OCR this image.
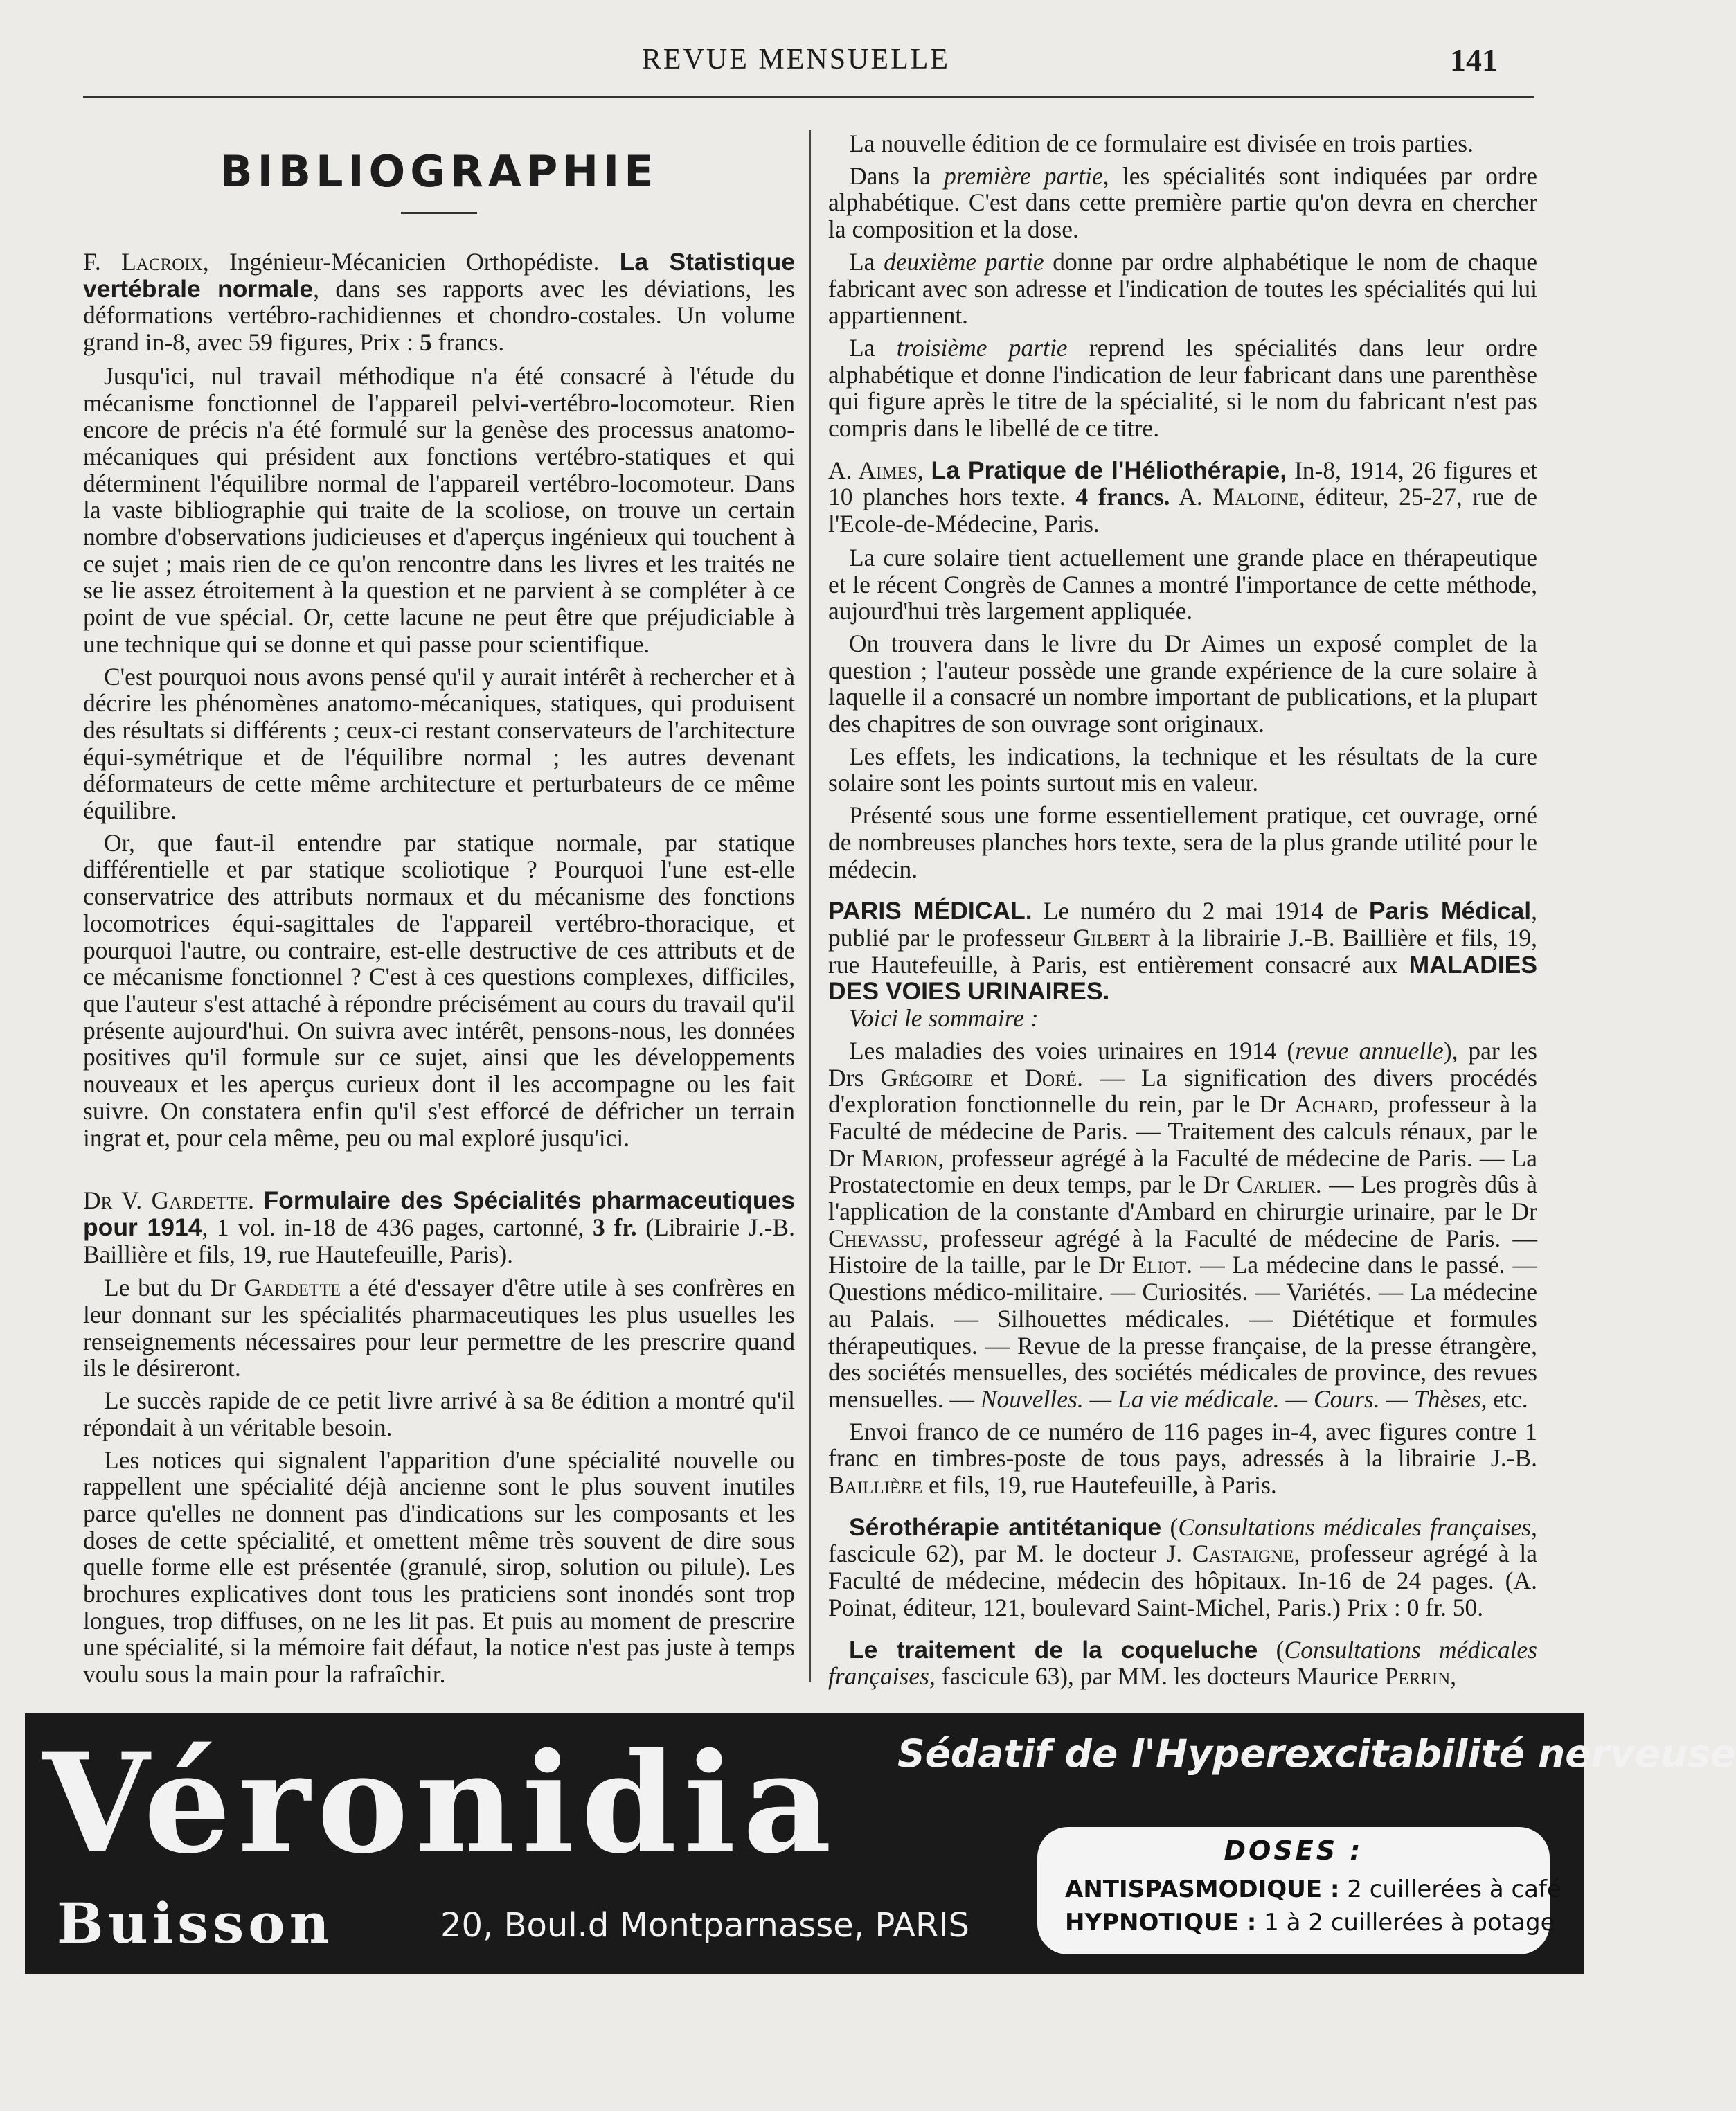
REVUE MENSUELLE	141
BIBLIOGRAPHIE

F. Lacroix, Ingénieur-Mécanicien Orthopédiste. La Statistique vertébrale normale, dans ses rapports avec les déviations, les déformations vertébro-rachidiennes et chondro-costales. Un volume grand in-8, avec 59 figures, Prix : 5 francs.

Jusqu'ici, nul travail méthodique n'a été consacré à l'étude du mécanisme fonctionnel de l'appareil pelvi-vertébro-locomoteur. Rien encore de précis n'a été formulé sur la genèse des processus anatomo-mécaniques qui président aux fonctions vertébro-statiques et qui déterminent l'équilibre normal de l'appareil vertébro-locomoteur. Dans la vaste bibliographie qui traite de la scoliose, on trouve un certain nombre d'observations judicieuses et d'aperçus ingénieux qui touchent à ce sujet ; mais rien de ce qu'on rencontre dans les livres et les traités ne se lie assez étroitement à la question et ne parvient à se compléter à ce point de vue spécial. Or, cette lacune ne peut être que préjudiciable à une technique qui se donne et qui passe pour scientifique.

C'est pourquoi nous avons pensé qu'il y aurait intérêt à rechercher et à décrire les phénomènes anatomo-mécaniques, statiques, qui produisent des résultats si différents ; ceux-ci restant conservateurs de l'architecture équi-symétrique et de l'équilibre normal ; les autres devenant déformateurs de cette même architecture et perturbateurs de ce même équilibre.

Or, que faut-il entendre par statique normale, par statique différentielle et par statique scoliotique ? Pourquoi l'une est-elle conservatrice des attributs normaux et du mécanisme des fonctions locomotrices équi-sagittales de l'appareil vertébro-thoracique, et pourquoi l'autre, ou contraire, est-elle destructive de ces attributs et de ce mécanisme fonctionnel ? C'est à ces questions complexes, difficiles, que l'auteur s'est attaché à répondre précisément au cours du travail qu'il présente aujourd'hui. On suivra avec intérêt, pensons-nous, les données positives qu'il formule sur ce sujet, ainsi que les développements nouveaux et les aperçus curieux dont il les accompagne ou les fait suivre. On constatera enfin qu'il s'est efforcé de défricher un terrain ingrat et, pour cela même, peu ou mal exploré jusqu'ici.

Dr V. Gardette. Formulaire des Spécialités pharmaceutiques pour 1914, 1 vol. in-18 de 436 pages, cartonné, 3 fr. (Librairie J.-B. Baillière et fils, 19, rue Hautefeuille, Paris).

Le but du Dr Gardette a été d'essayer d'être utile à ses confrères en leur donnant sur les spécialités pharmaceutiques les plus usuelles les renseignements nécessaires pour leur permettre de les prescrire quand ils le désireront.

Le succès rapide de ce petit livre arrivé à sa 8e édition a montré qu'il répondait à un véritable besoin.

Les notices qui signalent l'apparition d'une spécialité nouvelle ou rappellent une spécialité déjà ancienne sont le plus souvent inutiles parce qu'elles ne donnent pas d'indications sur les composants et les doses de cette spécialité, et omettent même très souvent de dire sous quelle forme elle est présentée (granulé, sirop, solution ou pilule). Les brochures explicatives dont tous les praticiens sont inondés sont trop longues, trop diffuses, on ne les lit pas. Et puis au moment de prescrire une spécialité, si la mémoire fait défaut, la notice n'est pas juste à temps voulu sous la main pour la rafraîchir.

La nouvelle édition de ce formulaire est divisée en trois parties.

Dans la première partie, les spécialités sont indiquées par ordre alphabétique. C'est dans cette première partie qu'on devra en chercher la composition et la dose.

La deuxième partie donne par ordre alphabétique le nom de chaque fabricant avec son adresse et l'indication de toutes les spécialités qui lui appartiennent.

La troisième partie reprend les spécialités dans leur ordre alphabétique et donne l'indication de leur fabricant dans une parenthèse qui figure après le titre de la spécialité, si le nom du fabricant n'est pas compris dans le libellé de ce titre.

A. Aimes, La Pratique de l'Héliothérapie, In-8, 1914, 26 figures et 10 planches hors texte. 4 francs. A. Maloine, éditeur, 25-27, rue de l'Ecole-de-Médecine, Paris.

La cure solaire tient actuellement une grande place en thérapeutique et le récent Congrès de Cannes a montré l'importance de cette méthode, aujourd'hui très largement appliquée.

On trouvera dans le livre du Dr Aimes un exposé complet de la question ; l'auteur possède une grande expérience de la cure solaire à laquelle il a consacré un nombre important de publications, et la plupart des chapitres de son ouvrage sont originaux.

Les effets, les indications, la technique et les résultats de la cure solaire sont les points surtout mis en valeur.

Présenté sous une forme essentiellement pratique, cet ouvrage, orné de nombreuses planches hors texte, sera de la plus grande utilité pour le médecin.

PARIS MÉDICAL. Le numéro du 2 mai 1914 de Paris Médical, publié par le professeur Gilbert à la librairie J.-B. Baillière et fils, 19, rue Hautefeuille, à Paris, est entièrement consacré aux MALADIES DES VOIES URINAIRES.

Voici le sommaire :

Les maladies des voies urinaires en 1914 (revue annuelle), par les Drs Grégoire et Doré. — La signification des divers procédés d'exploration fonctionnelle du rein, par le Dr Achard, professeur à la Faculté de médecine de Paris. — Traitement des calculs rénaux, par le Dr Marion, professeur agrégé à la Faculté de médecine de Paris. — La Prostatectomie en deux temps, par le Dr Carlier. — Les progrès dûs à l'application de la constante d'Ambard en chirurgie urinaire, par le Dr Chevassu, professeur agrégé à la Faculté de médecine de Paris. — Histoire de la taille, par le Dr Eliot. — La médecine dans le passé. — Questions médico-militaire. — Curiosités. — Variétés. — La médecine au Palais. — Silhouettes médicales. — Diététique et formules thérapeutiques. — Revue de la presse française, de la presse étrangère, des sociétés mensuelles, des sociétés médicales de province, des revues mensuelles. — Nouvelles. — La vie médicale. — Cours. — Thèses, etc.

Envoi franco de ce numéro de 116 pages in-4, avec figures contre 1 franc en timbres-poste de tous pays, adressés à la librairie J.-B. Baillière et fils, 19, rue Hautefeuille, à Paris.

Sérothérapie antitétanique (Consultations médicales françaises, fascicule 62), par M. le docteur J. Castaigne, professeur agrégé à la Faculté de médecine, médecin des hôpitaux. In-16 de 24 pages. (A. Poinat, éditeur, 121, boulevard Saint-Michel, Paris.) Prix : 0 fr. 50.

Le traitement de la coqueluche (Consultations médicales françaises, fascicule 63), par MM. les docteurs Maurice Perrin,

Véronidia Sédatif de l'Hyperexcitabilité nerveuse
Buisson	20, Boul.d Montparnasse, PARIS
DOSES :
ANTISPASMODIQUE : 2 cuillerées à café
HYPNOTIQUE : 1 à 2 cuillerées à potage
